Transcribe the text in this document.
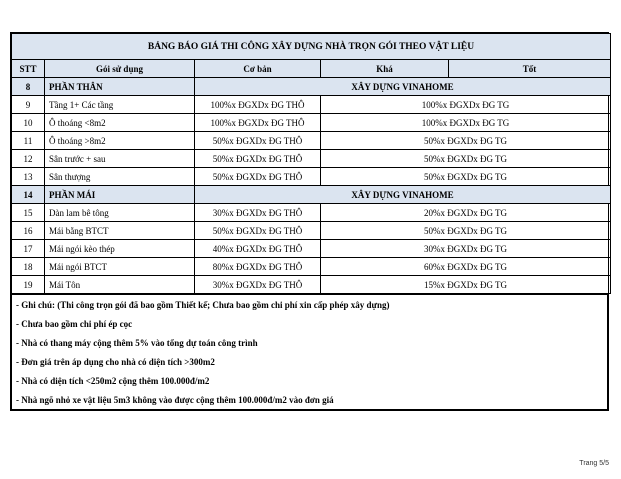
BẢNG BÁO GIÁ THI CÔNG XÂY DỰNG NHÀ TRỌN GÓI THEO VẬT LIỆU				
STT	Gói sử dụng	Cơ bản	Khá	Tốt
8	PHẦN THÂN	XÂY DỰNG VINAHOME		
9	Tầng 1+ Các tầng	100%x ĐGXDx ĐG THÔ	100%x ĐGXDx ĐG TG	
10	Ô thoáng <8m2	100%x ĐGXDx ĐG THÔ	100%x ĐGXDx ĐG TG	
11	Ô thoáng >8m2	50%x ĐGXDx ĐG THÔ	50%x ĐGXDx ĐG TG	
12	Sân trước + sau	50%x ĐGXDx ĐG THÔ	50%x ĐGXDx ĐG TG	
13	Sân thượng	50%x ĐGXDx ĐG THÔ	50%x ĐGXDx ĐG TG	
14	PHẦN MÁI	XÂY DỰNG VINAHOME		
15	Dàn lam bê tông	30%x ĐGXDx ĐG THÔ	20%x ĐGXDx ĐG TG	
16	Mái bằng BTCT	50%x ĐGXDx ĐG THÔ	50%x ĐGXDx ĐG TG	
17	Mái ngói kèo thép	40%x ĐGXDx ĐG THÔ	30%x ĐGXDx ĐG TG	
18	Mái ngói BTCT	80%x ĐGXDx ĐG THÔ	60%x ĐGXDx ĐG TG	
19	Mái Tôn	30%x ĐGXDx ĐG THÔ	15%x ĐGXDx ĐG TG	
- Ghi chú: (Thi công trọn gói đã bao gồm Thiết kế; Chưa bao gồm chi phí xin cấp phép xây dựng)
- Chưa bao gồm chi phí ép cọc
- Nhà có thang máy cộng thêm 5% vào tổng dự toán công trình
- Đơn giá trên áp dụng cho nhà có diện tích >300m2
- Nhà có diện tích <250m2 cộng thêm 100.000đ/m2
- Nhà ngõ nhỏ xe vật liệu 5m3 không vào được cộng thêm 100.000đ/m2 vào đơn giá
Trang 5/5
